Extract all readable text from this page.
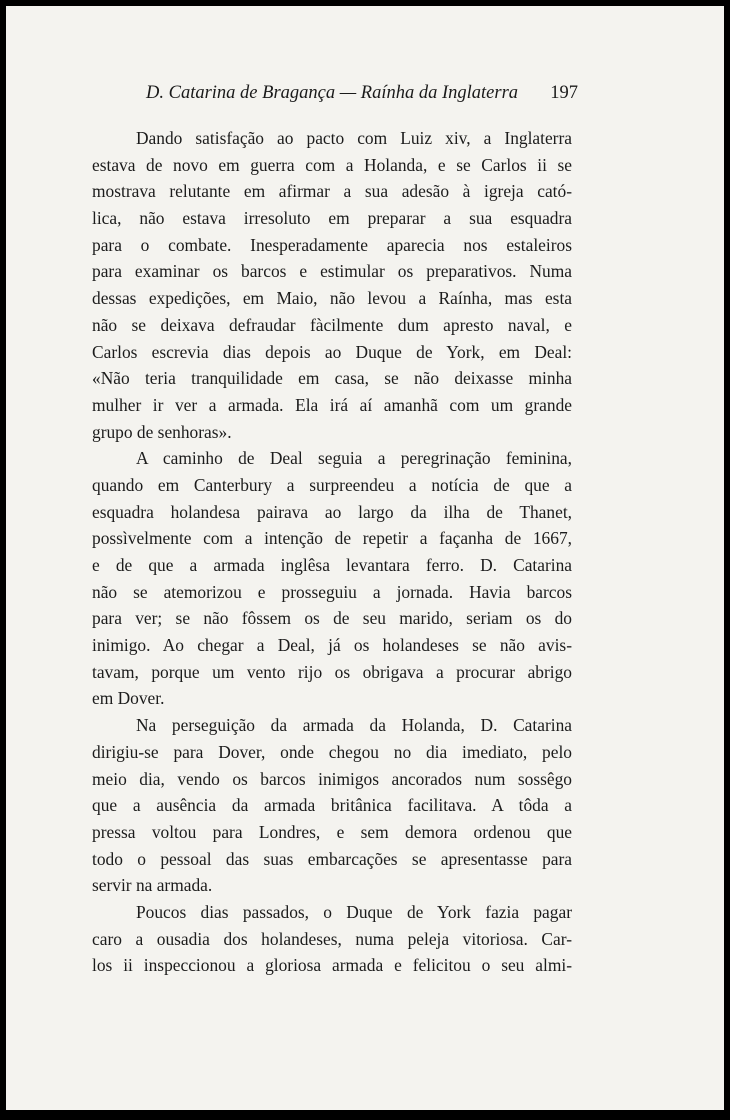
D. Catarina de Bragança — Raínha da Inglaterra 197
Dando satisfação ao pacto com Luiz xiv, a Inglaterra
estava de novo em guerra com a Holanda, e se Carlos ii se
mostrava relutante em afirmar a sua adesão à igreja cató-
lica, não estava irresoluto em preparar a sua esquadra
para o combate. Inesperadamente aparecia nos estaleiros
para examinar os barcos e estimular os preparativos. Numa
dessas expedições, em Maio, não levou a Raínha, mas esta
não se deixava defraudar fàcilmente dum apresto naval, e
Carlos escrevia dias depois ao Duque de York, em Deal:
«Não teria tranquilidade em casa, se não deixasse minha
mulher ir ver a armada. Ela irá aí amanhã com um grande
grupo de senhoras».
A caminho de Deal seguia a peregrinação feminina,
quando em Canterbury a surpreendeu a notícia de que a
esquadra holandesa pairava ao largo da ilha de Thanet,
possìvelmente com a intenção de repetir a façanha de 1667,
e de que a armada inglêsa levantara ferro. D. Catarina
não se atemorizou e prosseguiu a jornada. Havia barcos
para ver; se não fôssem os de seu marido, seriam os do
inimigo. Ao chegar a Deal, já os holandeses se não avis-
tavam, porque um vento rijo os obrigava a procurar abrigo
em Dover.
Na perseguição da armada da Holanda, D. Catarina
dirigiu-se para Dover, onde chegou no dia imediato, pelo
meio dia, vendo os barcos inimigos ancorados num sossêgo
que a ausência da armada britânica facilitava. A tôda a
pressa voltou para Londres, e sem demora ordenou que
todo o pessoal das suas embarcações se apresentasse para
servir na armada.
Poucos dias passados, o Duque de York fazia pagar
caro a ousadia dos holandeses, numa peleja vitoriosa. Car-
los ii inspeccionou a gloriosa armada e felicitou o seu almi-
